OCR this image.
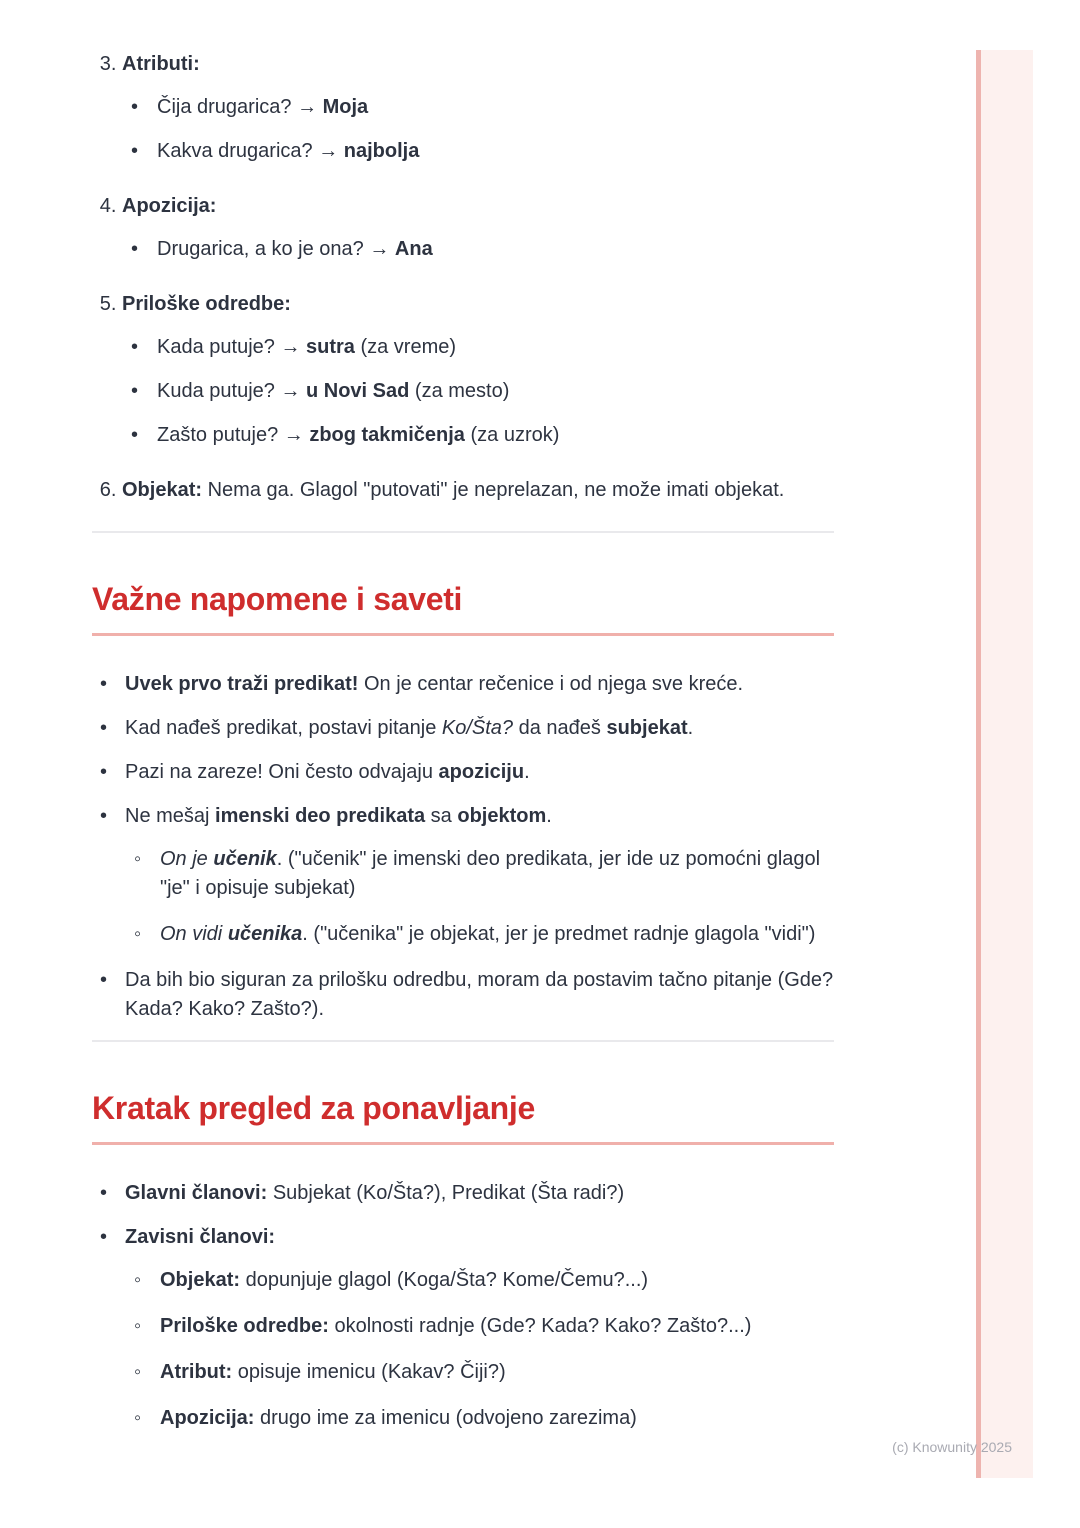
3. Atributi:
• Čija drugarica? → Moja
• Kakva drugarica? → najbolja
4. Apozicija:
• Drugarica, a ko je ona? → Ana
5. Priloške odredbe:
• Kada putuje? → sutra (za vreme)
• Kuda putuje? → u Novi Sad (za mesto)
• Zašto putuje? → zbog takmičenja (za uzrok)
6. Objekat: Nema ga. Glagol "putovati" je neprelazan, ne može imati objekat.
Važne napomene i saveti
• Uvek prvo traži predikat! On je centar rečenice i od njega sve kreće.
• Kad nađeš predikat, postavi pitanje Ko/Šta? da nađeš subjekat.
• Pazi na zareze! Oni često odvajaju apoziciju.
• Ne mešaj imenski deo predikata sa objektom.
◦ On je učenik. ("učenik" je imenski deo predikata, jer ide uz pomoćni glagol "je" i opisuje subjekat)
◦ On vidi učenika. ("učenika" je objekat, jer je predmet radnje glagola "vidi")
• Da bih bio siguran za prilošku odredbu, moram da postavim tačno pitanje (Gde? Kada? Kako? Zašto?).
Kratak pregled za ponavljanje
• Glavni članovi: Subjekat (Ko/Šta?), Predikat (Šta radi?)
• Zavisni članovi:
◦ Objekat: dopunjuje glagol (Koga/Šta? Kome/Čemu?...)
◦ Priloške odredbe: okolnosti radnje (Gde? Kada? Kako? Zašto?...)
◦ Atribut: opisuje imenicu (Kakav? Čiji?)
◦ Apozicija: drugo ime za imenicu (odvojeno zarezima)
(c) Knowunity 2025
